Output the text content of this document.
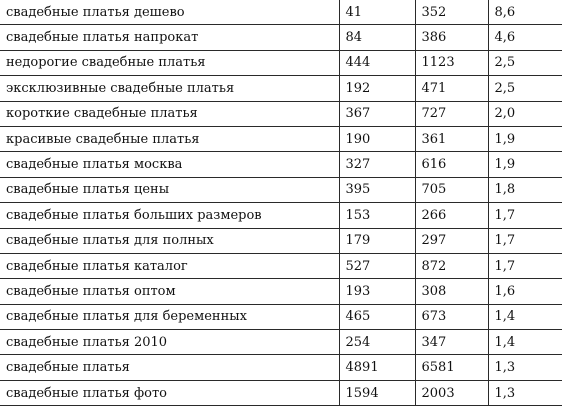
свадебные платья дешево	41	352	8,6
свадебные платья напрокат	84	386	4,6
недорогие свадебные платья	444	1123	2,5
эксклюзивные свадебные платья	192	471	2,5
короткие свадебные платья	367	727	2,0
красивые свадебные платья	190	361	1,9
свадебные платья москва	327	616	1,9
свадебные платья цены	395	705	1,8
свадебные платья больших размеров	153	266	1,7
свадебные платья для полных	179	297	1,7
свадебные платья каталог	527	872	1,7
свадебные платья оптом	193	308	1,6
свадебные платья для беременных	465	673	1,4
свадебные платья 2010	254	347	1,4
свадебные платья	4891	6581	1,3
свадебные платья фото	1594	2003	1,3
